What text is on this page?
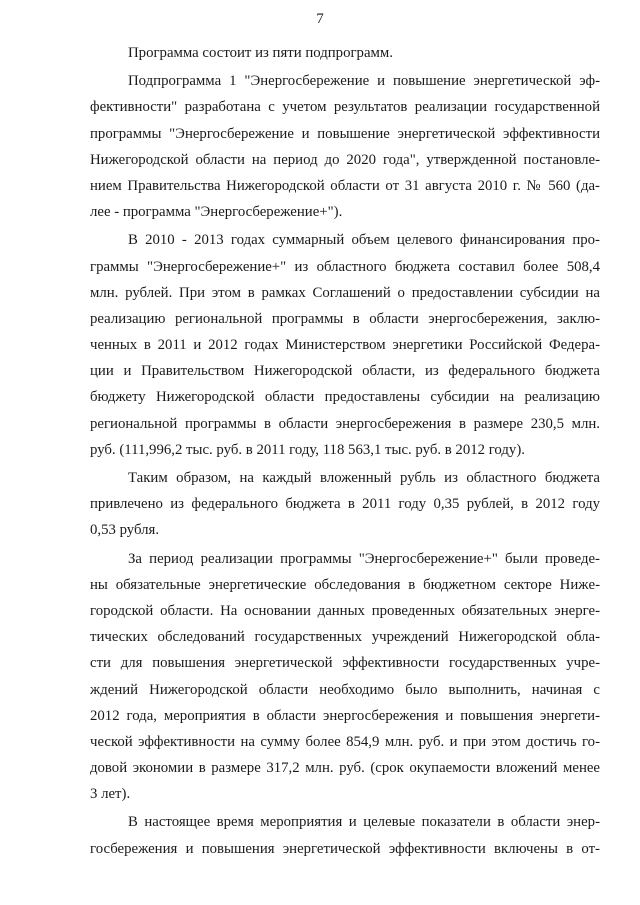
7
Программа состоит из пяти подпрограмм.
Подпрограмма 1 "Энергосбережение и повышение энергетической эф-
фективности" разработана с учетом результатов реализации государственной
программы "Энергосбережение и повышение энергетической эффективности
Нижегородской области на период до 2020 года", утвержденной постановле-
нием Правительства Нижегородской области от 31 августа 2010 г. № 560 (да-
лее - программа "Энергосбережение+").
В 2010 - 2013 годах суммарный объем целевого финансирования про-
граммы "Энергосбережение+" из областного бюджета составил более 508,4
млн. рублей. При этом в рамках Соглашений о предоставлении субсидии на
реализацию региональной программы в области энергосбережения, заклю-
ченных в 2011 и 2012 годах Министерством энергетики Российской Федера-
ции и Правительством Нижегородской области, из федерального бюджета
бюджету Нижегородской области предоставлены субсидии на реализацию
региональной программы в области энергосбережения в размере 230,5 млн.
руб. (111,996,2 тыс. руб. в 2011 году, 118 563,1 тыс. руб. в 2012 году).
Таким образом, на каждый вложенный рубль из областного бюджета
привлечено из федерального бюджета в 2011 году 0,35 рублей, в 2012 году
0,53 рубля.
За период реализации программы "Энергосбережение+" были проведе-
ны обязательные энергетические обследования в бюджетном секторе Нижe-
городской области. На основании данных проведенных обязательных энерге-
тических обследований государственных учреждений Нижегородской обла-
сти для повышения энергетической эффективности государственных учре-
ждений Нижегородской области необходимо было выполнить, начиная с
2012 года, мероприятия в области энергосбережения и повышения энергети-
ческой эффективности на сумму более 854,9 млн. руб. и при этом достичь го-
довой экономии в размере 317,2 млн. руб. (срок окупаемости вложений менее
3 лет).
В настоящее время мероприятия и целевые показатели в области энер-
госбережения и повышения энергетической эффективности включены в от-
